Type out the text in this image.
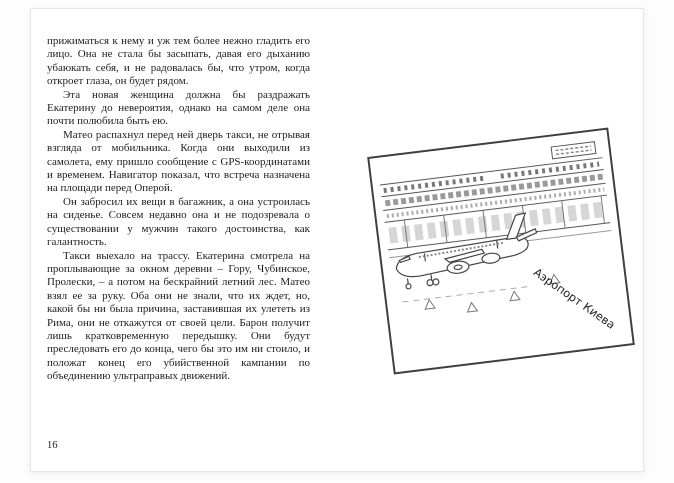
прижиматься к нему и уж тем более нежно гладить его лицо. Она не стала бы засыпать, давая его дыханию убаюкать себя, и не радовалась бы, что утром, когда откроет глаза, он будет рядом.

Эта новая женщина должна бы раздражать Екатерину до невероятия, однако на самом деле она почти полюбила быть ею.

Матео распахнул перед ней дверь такси, не отрывая взгляда от мобильника. Когда они выходили из самолета, ему пришло сообщение с GPS-координатами и временем. Навигатор показал, что встреча назначена на площади перед Оперой.

Он забросил их вещи в багажник, а она устроилась на сиденье. Совсем недавно она и не подозревала о существовании у мужчин такого достоинства, как галантность.

Такси выехало на трассу. Екатерина смотрела на проплывающие за окном деревни – Гору, Чубинское, Пролески, – а потом на бескрайний летний лес. Матео взял ее за руку. Оба они не знали, что их ждет, но, какой бы ни была причина, заставившая их улететь из Рима, они не откажутся от своей цели. Барон получит лишь кратковременную передышку. Они будут преследовать его до конца, чего бы это им ни стоило, и положат конец его убийственной кампании по объединению ультраправых движений.

16
Аэропорт Киева
